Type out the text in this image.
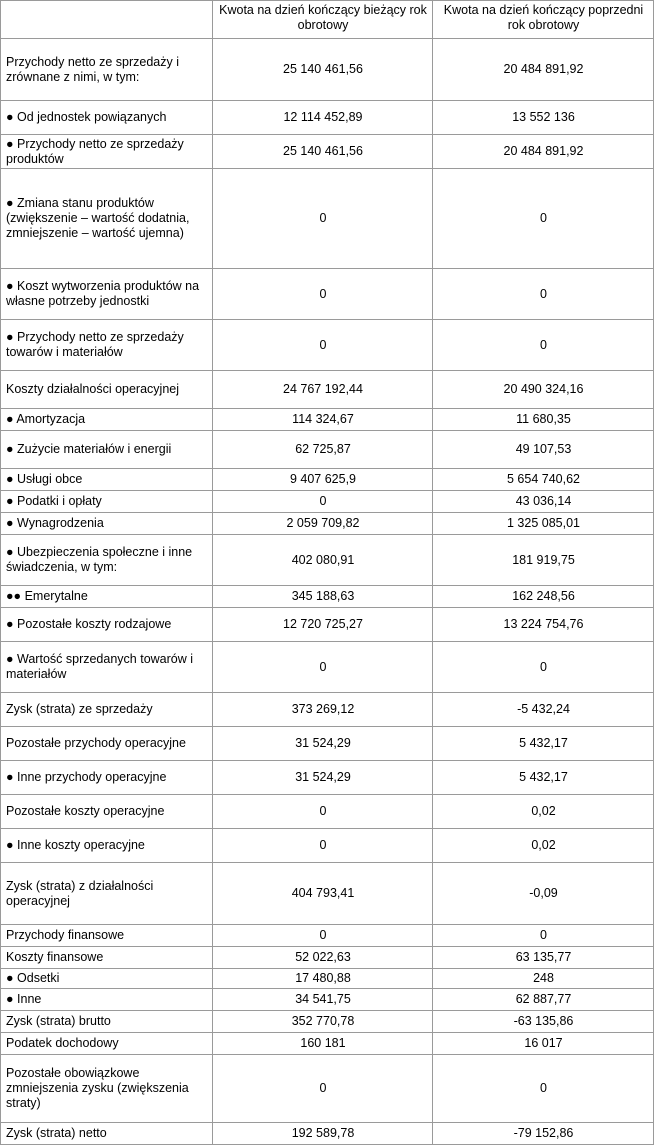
	Kwota na dzień kończący bieżący rok obrotowy	Kwota na dzień kończący poprzedni rok obrotowy
Przychody netto ze sprzedaży i zrównane z nimi, w tym:	25 140 461,56	20 484 891,92
● Od jednostek powiązanych	12 114 452,89	13 552 136
● Przychody netto ze sprzedaży produktów	25 140 461,56	20 484 891,92
● Zmiana stanu produktów (zwiększenie – wartość dodatnia, zmniejszenie – wartość ujemna)	0	0
● Koszt wytworzenia produktów na własne potrzeby jednostki	0	0
● Przychody netto ze sprzedaży towarów i materiałów	0	0
Koszty działalności operacyjnej	24 767 192,44	20 490 324,16
● Amortyzacja	114 324,67	11 680,35
● Zużycie materiałów i energii	62 725,87	49 107,53
● Usługi obce	9 407 625,9	5 654 740,62
● Podatki i opłaty	0	43 036,14
● Wynagrodzenia	2 059 709,82	1 325 085,01
● Ubezpieczenia społeczne i inne świadczenia, w tym:	402 080,91	181 919,75
●● Emerytalne	345 188,63	162 248,56
● Pozostałe koszty rodzajowe	12 720 725,27	13 224 754,76
● Wartość sprzedanych towarów i materiałów	0	0
Zysk (strata) ze sprzedaży	373 269,12	-5 432,24
Pozostałe przychody operacyjne	31 524,29	5 432,17
● Inne przychody operacyjne	31 524,29	5 432,17
Pozostałe koszty operacyjne	0	0,02
● Inne koszty operacyjne	0	0,02
Zysk (strata) z działalności operacyjnej	404 793,41	-0,09
Przychody finansowe	0	0
Koszty finansowe	52 022,63	63 135,77
● Odsetki	17 480,88	248
● Inne	34 541,75	62 887,77
Zysk (strata) brutto	352 770,78	-63 135,86
Podatek dochodowy	160 181	16 017
Pozostałe obowiązkowe zmniejszenia zysku (zwiększenia straty)	0	0
Zysk (strata) netto	192 589,78	-79 152,86
